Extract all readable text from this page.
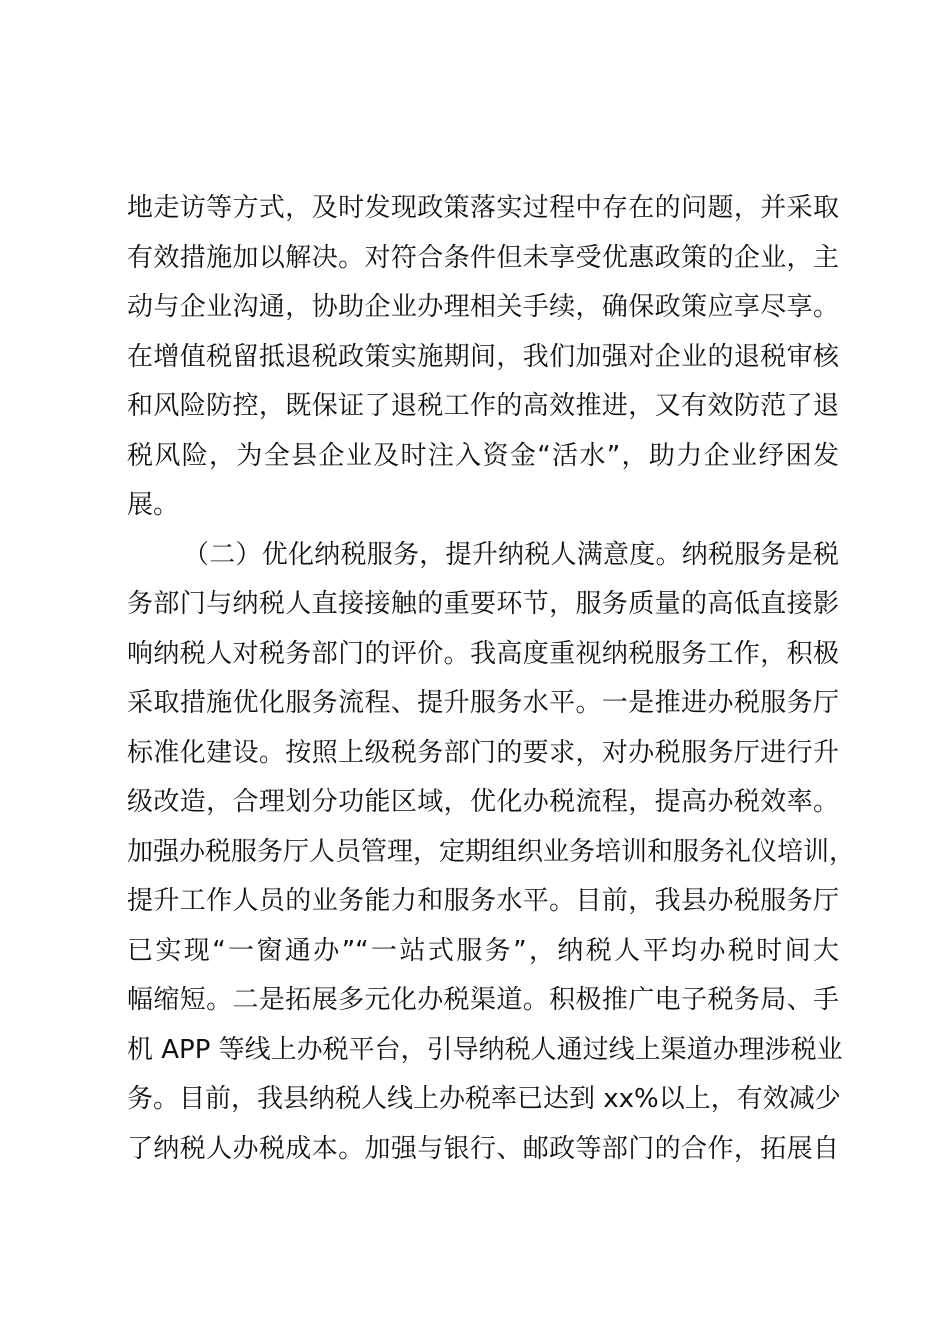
地走访等方式，及时发现政策落实过程中存在的问题，并采取
有效措施加以解决。对符合条件但未享受优惠政策的企业，主
动与企业沟通，协助企业办理相关手续，确保政策应享尽享。
在增值税留抵退税政策实施期间，我们加强对企业的退税审核
和风险防控，既保证了退税工作的高效推进，又有效防范了退
税风险，为全县企业及时注入资金“活水”，助力企业纾困发
展。
（二）优化纳税服务，提升纳税人满意度。纳税服务是税
务部门与纳税人直接接触的重要环节，服务质量的高低直接影
响纳税人对税务部门的评价。我高度重视纳税服务工作，积极
采取措施优化服务流程、提升服务水平。一是推进办税服务厅
标准化建设。按照上级税务部门的要求，对办税服务厅进行升
级改造，合理划分功能区域，优化办税流程，提高办税效率。
加强办税服务厅人员管理，定期组织业务培训和服务礼仪培训，
提升工作人员的业务能力和服务水平。目前，我县办税服务厅
已实现“一窗通办”“一站式服务”，纳税人平均办税时间大
幅缩短。二是拓展多元化办税渠道。积极推广电子税务局、手
机 APP 等线上办税平台，引导纳税人通过线上渠道办理涉税业
务。目前，我县纳税人线上办税率已达到 xx%以上，有效减少
了纳税人办税成本。加强与银行、邮政等部门的合作，拓展自
